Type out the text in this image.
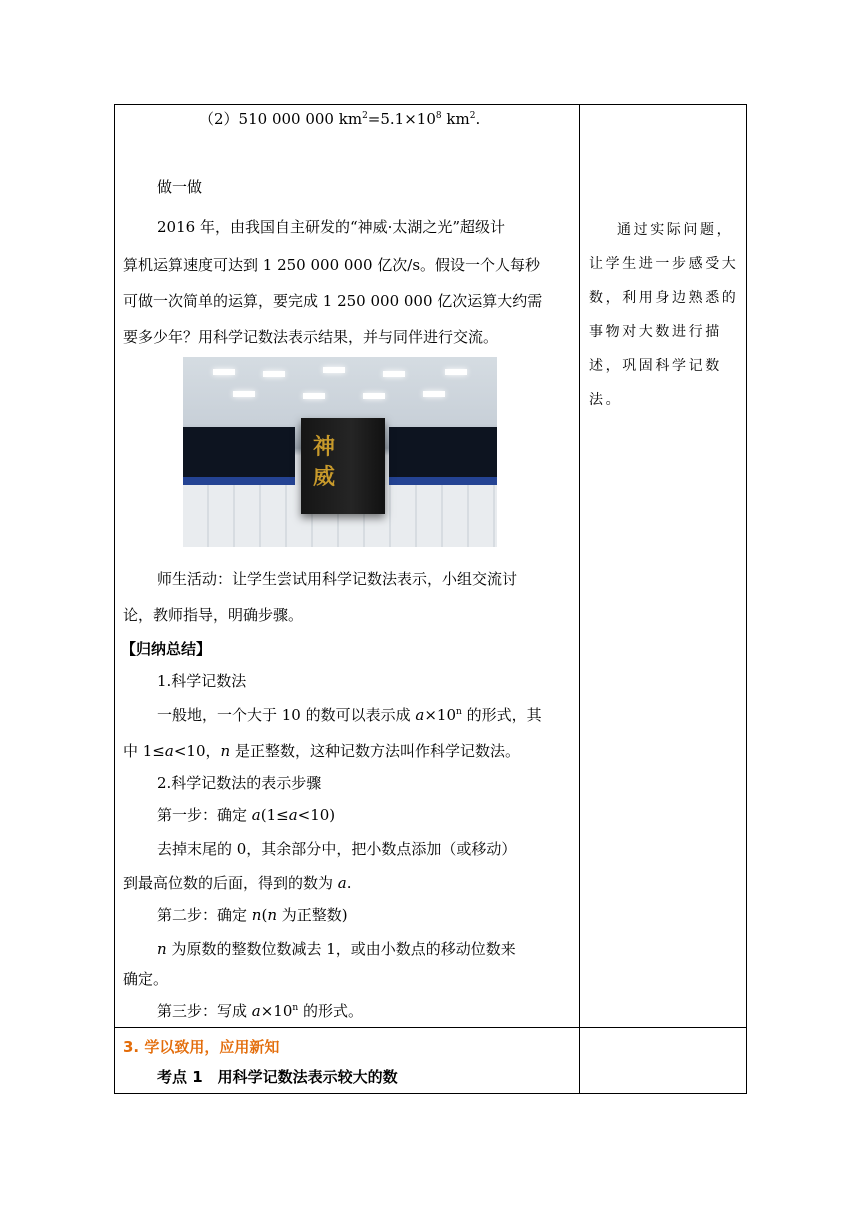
（2）510 000 000 $km^2=5.1\times 10^8$ $km^2$.
做一做
2016 年，由我国自主研发的“神威·太湖之光”超级计
算机运算速度可达到 1 250 000 000 亿次/s。假设一个人每秒
可做一次简单的运算，要完成 1 250 000 000 亿次运算大约需
要多少年？用科学记数法表示结果，并与同伴进行交流。
神
威
师生活动：让学生尝试用科学记数法表示，小组交流讨
论，教师指导，明确步骤。
【归纳总结】
1.科学记数法
一般地，一个大于 10 的数可以表示成 $a\times 10^n$ 的形式，其
中 1≤a<10，n 是正整数，这种记数方法叫作科学记数法。
2.科学记数法的表示步骤
第一步：确定 a(1≤a<10)
去掉末尾的 0，其余部分中，把小数点添加（或移动）
到最高位数的后面，得到的数为 a.
第二步：确定 n(n 为正整数)
n 为原数的整数位数减去 1，或由小数点的移动位数来
确定。
第三步：写成 $a\times 10^n$ 的形式。
3. 学以致用，应用新知
考点 1　用科学记数法表示较大的数
通过实际问题，让学生进一步感受大数，利用身边熟悉的事物对大数进行描述，巩固科学记数法。
